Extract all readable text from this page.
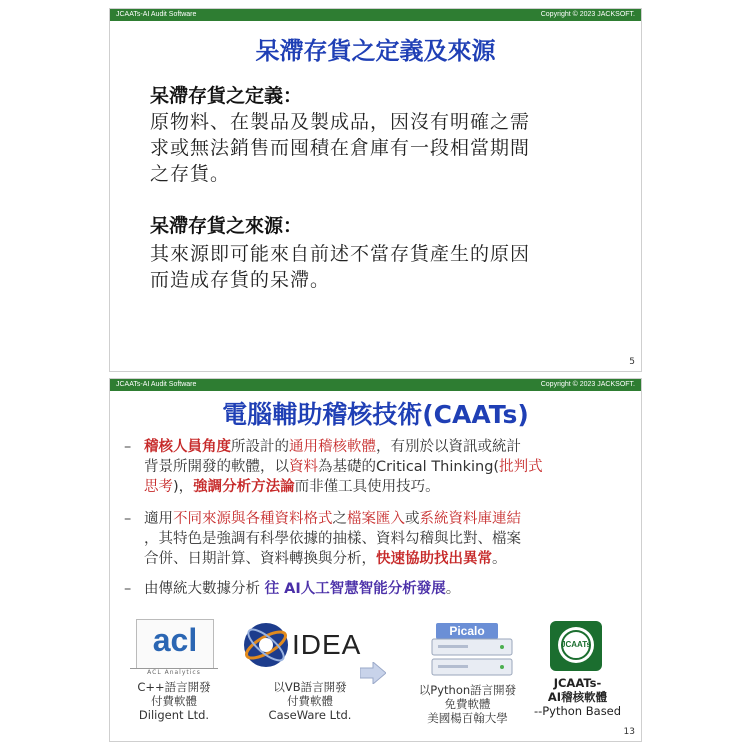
JCAATs-AI Audit Software	Copyright © 2023 JACKSOFT.
呆滯存貨之定義及來源
呆滯存貨之定義：
原物料、在製品及製成品，因沒有明確之需
求或無法銷售而囤積在倉庫有一段相當期間
之存貨。
呆滯存貨之來源：
其來源即可能來自前述不當存貨產生的原因
而造成存貨的呆滯。
5
JCAATs-AI Audit Software	Copyright © 2023 JACKSOFT.
電腦輔助稽核技術(CAATs)
– 稽核人員角度所設計的通用稽核軟體，有別於以資訊或統計
背景所開發的軟體，以資料為基礎的Critical Thinking(批判式
思考)，強調分析方法論而非僅工具使用技巧。
– 適用不同來源與各種資料格式之檔案匯入或系統資料庫連結
，其特色是強調有科學依據的抽樣、資料勾稽與比對、檔案
合併、日期計算、資料轉換與分析，快速協助找出異常。
– 由傳統大數據分析 往 AI人工智慧智能分析發展。
acl
ACL Analytics
C++語言開發
付費軟體
Diligent Ltd.
IDEA
以VB語言開發
付費軟體
CaseWare Ltd.
Picalo
以Python語言開發
免費軟體
美國楊百翰大學
JCAATs
JCAATs-
AI稽核軟體
--Python Based
13
